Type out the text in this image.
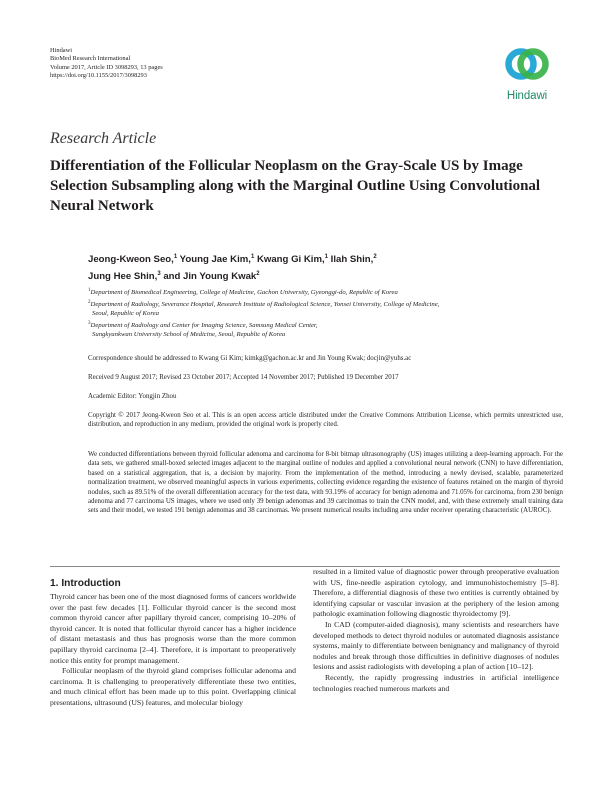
Hindawi
BioMed Research International
Volume 2017, Article ID 3098293, 13 pages
https://doi.org/10.1155/2017/3098293
Hindawi
Research Article
Differentiation of the Follicular Neoplasm on the Gray-Scale US by Image Selection Subsampling along with the Marginal Outline Using Convolutional Neural Network
Jeong-Kweon Seo,$^1$ Young Jae Kim,$^1$ Kwang Gi Kim,$^1$ Ilah Shin,$^2$
Jung Hee Shin,$^3$ and Jin Young Kwak$^2$
$^1$Department of Biomedical Engineering, College of Medicine, Gachon University, Gyeonggi-do, Republic of Korea
$^2$Department of Radiology, Severance Hospital, Research Institute of Radiological Science, Yonsei University, College of Medicine,
Seoul, Republic of Korea
$^3$Department of Radiology and Center for Imaging Science, Samsung Medical Center,
Sungkyunkwan University School of Medicine, Seoul, Republic of Korea
Correspondence should be addressed to Kwang Gi Kim; kimkg@gachon.ac.kr and Jin Young Kwak; docjin@yuhs.ac
Received 9 August 2017; Revised 23 October 2017; Accepted 14 November 2017; Published 19 December 2017
Academic Editor: Yongjin Zhou
Copyright © 2017 Jeong-Kweon Seo et al. This is an open access article distributed under the Creative Commons Attribution License, which permits unrestricted use, distribution, and reproduction in any medium, provided the original work is properly cited.
We conducted differentiations between thyroid follicular adenoma and carcinoma for 8-bit bitmap ultrasonography (US) images utilizing a deep-learning approach. For the data sets, we gathered small-boxed selected images adjacent to the marginal outline of nodules and applied a convolutional neural network (CNN) to have differentiation, based on a statistical aggregation, that is, a decision by majority. From the implementation of the method, introducing a newly devised, scalable, parameterized normalization treatment, we observed meaningful aspects in various experiments, collecting evidence regarding the existence of features retained on the margin of thyroid nodules, such as 89.51% of the overall differentiation accuracy for the test data, with 93.19% of accuracy for benign adenoma and 71.05% for carcinoma, from 230 benign adenoma and 77 carcinoma US images, where we used only 39 benign adenomas and 39 carcinomas to train the CNN model, and, with these extremely small training data sets and their model, we tested 191 benign adenomas and 38 carcinomas. We present numerical results including area under receiver operating characteristic (AUROC).
1. Introduction

Thyroid cancer has been one of the most diagnosed forms of cancers worldwide over the past few decades [1]. Follicular thyroid cancer is the second most common thyroid cancer after papillary thyroid cancer, comprising 10–20% of thyroid cancer. It is noted that follicular thyroid cancer has a higher incidence of distant metastasis and thus has prognosis worse than the more common papillary thyroid carcinoma [2–4]. Therefore, it is important to preoperatively notice this entity for prompt management.

Follicular neoplasm of the thyroid gland comprises follicular adenoma and carcinoma. It is challenging to preoperatively differentiate these two entities, and much clinical effort has been made up to this point. Overlapping clinical presentations, ultrasound (US) features, and molecular biology

resulted in a limited value of diagnostic power through preoperative evaluation with US, fine-needle aspiration cytology, and immunohistochemistry [5–8]. Therefore, a differential diagnosis of these two entities is currently obtained by identifying capsular or vascular invasion at the periphery of the lesion among pathologic examination following diagnostic thyroidectomy [9].

In CAD (computer-aided diagnosis), many scientists and researchers have developed methods to detect thyroid nodules or automated diagnosis assistance systems, mainly to differentiate between benignancy and malignancy of thyroid nodules and break through those difficulties in definitive diagnoses of nodules lesions and assist radiologists with developing a plan of action [10–12].

Recently, the rapidly progressing industries in artificial intelligence technologies reached numerous markets and
